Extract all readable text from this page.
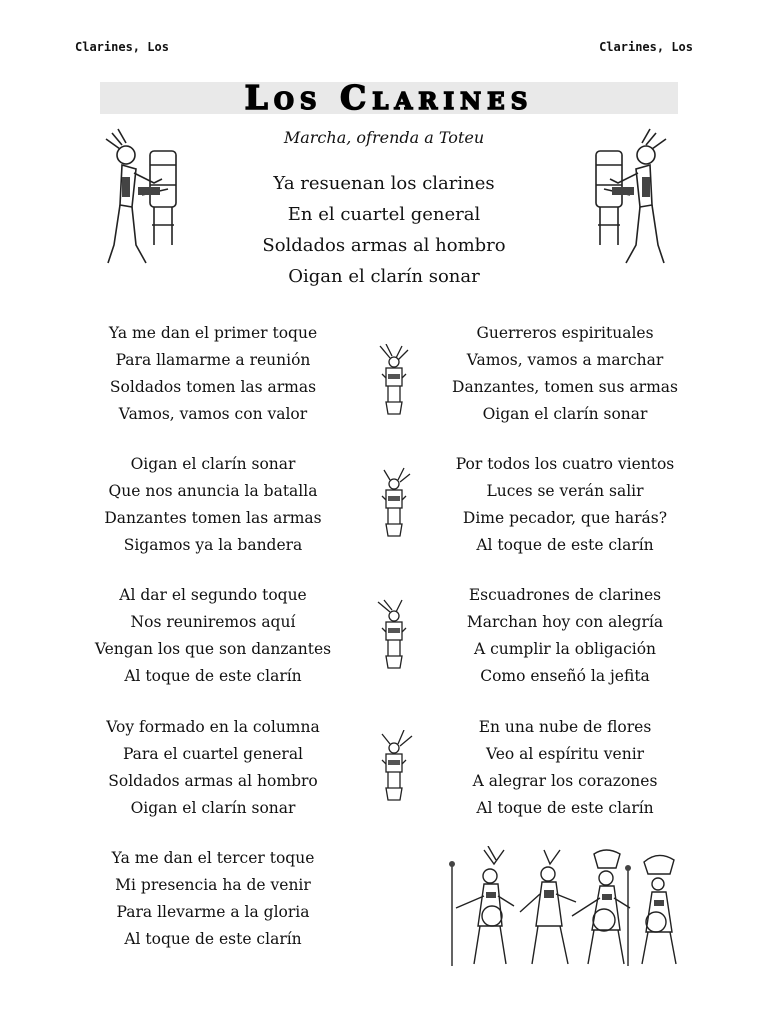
Clarines, Los	Clarines, Los
Los Clarines
Marcha, ofrenda a Toteu
Ya resuenan los clarines
En el cuartel general
Soldados armas al hombro
Oigan el clarín sonar
Ya me dan el primer toque
Para llamarme a reunión
Soldados tomen las armas
Vamos, vamos con valor
Guerreros espirituales
Vamos, vamos a marchar
Danzantes, tomen sus armas
Oigan el clarín sonar
Oigan el clarín sonar
Que nos anuncia la batalla
Danzantes tomen las armas
Sigamos ya la bandera
Por todos los cuatro vientos
Luces se verán salir
Dime pecador, que harás?
Al toque de este clarín
Al dar el segundo toque
Nos reuniremos aquí
Vengan los que son danzantes
Al toque de este clarín
Escuadrones de clarines
Marchan hoy con alegría
A cumplir la obligación
Como enseñó la jefita
Voy formado en la columna
Para el cuartel general
Soldados armas al hombro
Oigan el clarín sonar
En una nube de flores
Veo al espíritu venir
A alegrar los corazones
Al toque de este clarín
Ya me dan el tercer toque
Mi presencia ha de venir
Para llevarme a la gloria
Al toque de este clarín
